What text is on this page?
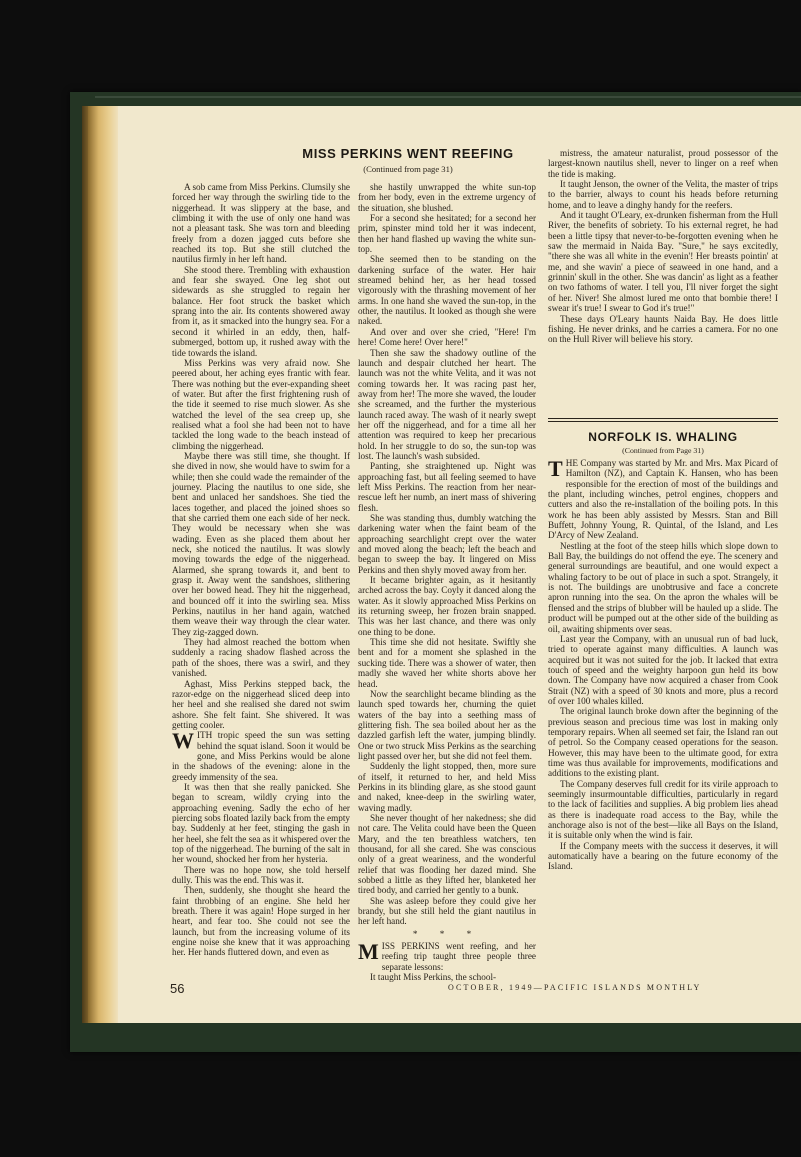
MISS PERKINS WENT REEFING
(Continued from page 31)

A sob came from Miss Perkins. Clumsily she forced her way through the swirling tide to the niggerhead. It was slippery at the base, and climbing it with the use of only one hand was not a pleasant task. She was torn and bleeding freely from a dozen jagged cuts before she reached its top. But she still clutched the nautilus firmly in her left hand.

She stood there. Trembling with exhaustion and fear she swayed. One leg shot out sidewards as she struggled to regain her balance. Her foot struck the basket which sprang into the air. Its contents showered away from it, as it smacked into the hungry sea. For a second it whirled in an eddy, then, half-submerged, bottom up, it rushed away with the tide towards the island.

Miss Perkins was very afraid now. She peered about, her aching eyes frantic with fear. There was nothing but the ever-expanding sheet of water. But after the first frightening rush of the tide it seemed to rise much slower. As she watched the level of the sea creep up, she realised what a fool she had been not to have tackled the long wade to the beach instead of climbing the niggerhead.

Maybe there was still time, she thought. If she dived in now, she would have to swim for a while; then she could wade the remainder of the journey. Placing the nautilus to one side, she bent and unlaced her sandshoes. She tied the laces together, and placed the joined shoes so that she carried them one each side of her neck. They would be necessary when she was wading. Even as she placed them about her neck, she noticed the nautilus. It was slowly moving towards the edge of the niggerhead. Alarmed, she sprang towards it, and bent to grasp it. Away went the sandshoes, slithering over her bowed head. They hit the niggerhead, and bounced off it into the swirling sea. Miss Perkins, nautilus in her hand again, watched them weave their way through the clear water. They zig-zagged down.

They had almost reached the bottom when suddenly a racing shadow flashed across the path of the shoes, there was a swirl, and they vanished.

Aghast, Miss Perkins stepped back, the razor-edge on the niggerhead sliced deep into her heel and she realised she dared not swim ashore. She felt faint. She shivered. It was getting cooler.

WITH tropic speed the sun was setting behind the squat island. Soon it would be gone, and Miss Perkins would be alone in the shadows of the evening: alone in the greedy immensity of the sea.

It was then that she really panicked. She began to scream, wildly crying into the approaching evening. Sadly the echo of her piercing sobs floated lazily back from the empty bay. Suddenly at her feet, stinging the gash in her heel, she felt the sea as it whispered over the top of the niggerhead. The burning of the salt in her wound, shocked her from her hysteria.

There was no hope now, she told herself dully. This was the end. This was it.

Then, suddenly, she thought she heard the faint throbbing of an engine. She held her breath. There it was again! Hope surged in her heart, and fear too. She could not see the launch, but from the increasing volume of its engine noise she knew that it was approaching her. Her hands fluttered down, and even as

she hastily unwrapped the white sun-top from her body, even in the extreme urgency of the situation, she blushed.

For a second she hesitated; for a second her prim, spinster mind told her it was indecent, then her hand flashed up waving the white sun-top.

She seemed then to be standing on the darkening surface of the water. Her hair streamed behind her, as her head tossed vigorously with the thrashing movement of her arms. In one hand she waved the sun-top, in the other, the nautilus. It looked as though she were naked.

And over and over she cried, "Here! I'm here! Come here! Over here!"

Then she saw the shadowy outline of the launch and despair clutched her heart. The launch was not the white Velita, and it was not coming towards her. It was racing past her, away from her! The more she waved, the louder she screamed, and the further the mysterious launch raced away. The wash of it nearly swept her off the niggerhead, and for a time all her attention was required to keep her precarious hold. In her struggle to do so, the sun-top was lost. The launch's wash subsided.

Panting, she straightened up. Night was approaching fast, but all feeling seemed to have left Miss Perkins. The reaction from her near-rescue left her numb, an inert mass of shivering flesh.

She was standing thus, dumbly watching the darkening water when the faint beam of the approaching searchlight crept over the water and moved along the beach; left the beach and began to sweep the bay. It lingered on Miss Perkins and then shyly moved away from her.

It became brighter again, as it hesitantly arched across the bay. Coyly it danced along the water. As it slowly approached Miss Perkins on its returning sweep, her frozen brain snapped. This was her last chance, and there was only one thing to be done.

This time she did not hesitate. Swiftly she bent and for a moment she splashed in the sucking tide. There was a shower of water, then madly she waved her white shorts above her head.

Now the searchlight became blinding as the launch sped towards her, churning the quiet waters of the bay into a seething mass of glittering fish. The sea boiled about her as the dazzled garfish left the water, jumping blindly. One or two struck Miss Perkins as the searching light passed over her, but she did not feel them.

Suddenly the light stopped, then, more sure of itself, it returned to her, and held Miss Perkins in its blinding glare, as she stood gaunt and naked, knee-deep in the swirling water, waving madly.

She never thought of her nakedness; she did not care. The Velita could have been the Queen Mary, and the ten breathless watchers, ten thousand, for all she cared. She was conscious only of a great weariness, and the wonderful relief that was flooding her dazed mind. She sobbed a little as they lifted her, blanketed her tired body, and carried her gently to a bunk.

She was asleep before they could give her brandy, but she still held the giant nautilus in her left hand.

* * *

MISS PERKINS went reefing, and her reefing trip taught three people three separate lessons:

It taught Miss Perkins, the school-

mistress, the amateur naturalist, proud possessor of the largest-known nautilus shell, never to linger on a reef when the tide is making.

It taught Jenson, the owner of the Velita, the master of trips to the barrier, always to count his heads before returning home, and to leave a dinghy handy for the reefers.

And it taught O'Leary, ex-drunken fisherman from the Hull River, the benefits of sobriety. To his external regret, he had been a little tipsy that never-to-be-forgotten evening when he saw the mermaid in Naida Bay. "Sure," he says excitedly, "there she was all white in the evenin'! Her breasts pointin' at me, and she wavin' a piece of seaweed in one hand, and a grinnin' skull in the other. She was dancin' as light as a feather on two fathoms of water. I tell you, I'll niver forget the sight of her. Niver! She almost lured me onto that bombie there! I swear it's true! I swear to God it's true!"

These days O'Leary haunts Naida Bay. He does little fishing. He never drinks, and he carries a camera. For no one on the Hull River will believe his story.

NORFOLK IS. WHALING
(Continued from Page 31)

THE Company was started by Mr. and Mrs. Max Picard of Hamilton (NZ), and Captain K. Hansen, who has been responsible for the erection of most of the buildings and the plant, including winches, petrol engines, choppers and cutters and also the re-installation of the boiling pots. In this work he has been ably assisted by Messrs. Stan and Bill Buffett, Johnny Young, R. Quintal, of the Island, and Les D'Arcy of New Zealand.

Nestling at the foot of the steep hills which slope down to Ball Bay, the buildings do not offend the eye. The scenery and general surroundings are beautiful, and one would expect a whaling factory to be out of place in such a spot. Strangely, it is not. The buildings are unobtrusive and face a concrete apron running into the sea. On the apron the whales will be flensed and the strips of blubber will be hauled up a slide. The product will be pumped out at the other side of the building as oil, awaiting shipments over seas.

Last year the Company, with an unusual run of bad luck, tried to operate against many difficulties. A launch was acquired but it was not suited for the job. It lacked that extra touch of speed and the weighty harpoon gun held its bow down. The Company have now acquired a chaser from Cook Strait (NZ) with a speed of 30 knots and more, plus a record of over 100 whales killed.

The original launch broke down after the beginning of the previous season and precious time was lost in making only temporary repairs. When all seemed set fair, the Island ran out of petrol. So the Company ceased operations for the season. However, this may have been to the ultimate good, for extra time was thus available for improvements, modifications and additions to the existing plant.

The Company deserves full credit for its virile approach to seemingly insurmountable difficulties, particularly in regard to the lack of facilities and supplies. A big problem lies ahead as there is inadequate road access to the Bay, while the anchorage also is not of the best—like all Bays on the Island, it is suitable only when the wind is fair.

If the Company meets with the success it deserves, it will automatically have a bearing on the future economy of the Island.

56	OCTOBER, 1949—PACIFIC ISLANDS MONTHLY
